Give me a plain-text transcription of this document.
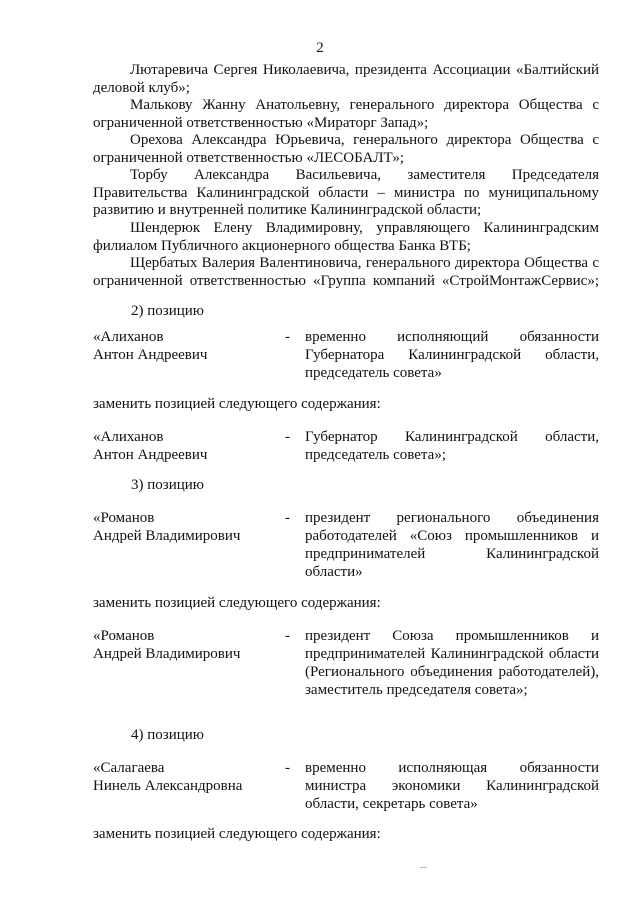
2
Лютаревича Сергея Николаевича, президента Ассоциации «Балтийский деловой клуб»;
Малькову Жанну Анатольевну, генерального директора Общества с ограниченной ответственностью «Мираторг Запад»;
Орехова Александра Юрьевича, генерального директора Общества с ограниченной ответственностью «ЛЕСОБАЛТ»;
Торбу Александра Васильевича, заместителя Председателя Правительства Калининградской области – министра по муниципальному развитию и внутренней политике Калининградской области;
Шендерюк Елену Владимировну, управляющего Калининградским филиалом Публичного акционерного общества Банка ВТБ;
Щербатых Валерия Валентиновича, генерального директора Общества с ограниченной ответственностью «Группа компаний «СтройМонтажСервис»;
2) позицию
«Алиханов
Антон Андреевич
- временно исполняющий обязанности Губернатора Калининградской области, председатель совета»
заменить позицией следующего содержания:
«Алиханов
Антон Андреевич
- Губернатор Калининградской области, председатель совета»;
3) позицию
«Романов
Андрей Владимирович
- президент регионального объединения работодателей «Союз промышленников и предпринимателей Калининградской области»
заменить позицией следующего содержания:
«Романов
Андрей Владимирович
- президент Союза промышленников и предпринимателей Калининградской области (Регионального объединения работодателей), заместитель председателя совета»;
4) позицию
«Салагаева
Нинель Александровна
- временно исполняющая обязанности министра экономики Калининградской области, секретарь совета»
заменить позицией следующего содержания:
˜˜
